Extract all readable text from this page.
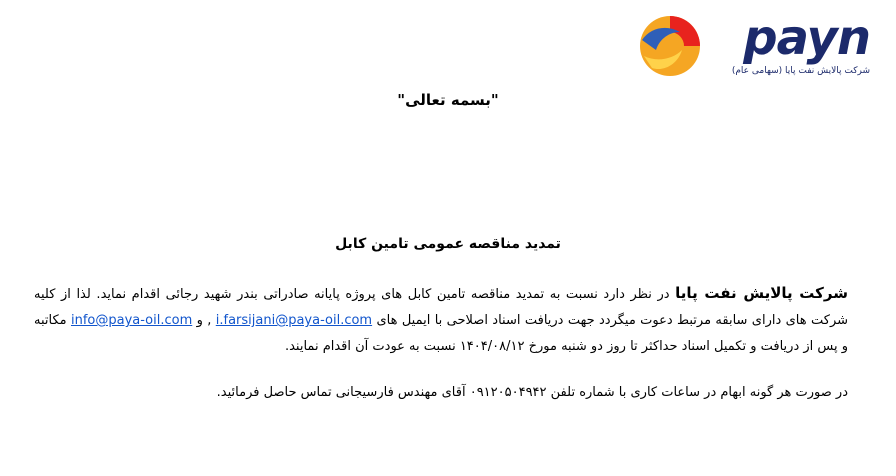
payn
شرکت پالایش نفت پایا (سهامی عام)
"بسمه تعالی"
تمدید مناقصه عمومی تامین کابل
شرکت پالایش نفت پایا در نظر دارد نسبت به تمدید مناقصه تامین کابل های پروژه پایانه صادراتی بندر شهید رجائی اقدام نماید. لذا از کلیه شرکت های دارای سابقه مرتبط دعوت میگردد جهت دریافت اسناد اصلاحی با ایمیل های i.farsijani@paya-oil.com , و info@paya-oil.com مکاتبه و پس از دریافت و تکمیل اسناد حداکثر تا روز دو شنبه مورخ ۱۴۰۴/۰۸/۱۲ نسبت به عودت آن اقدام نمایند.
در صورت هر گونه ابهام در ساعات کاری با شماره تلفن ۰۹۱۲۰۵۰۴۹۴۲ آقای مهندس فارسیجانی تماس حاصل فرمائید.
